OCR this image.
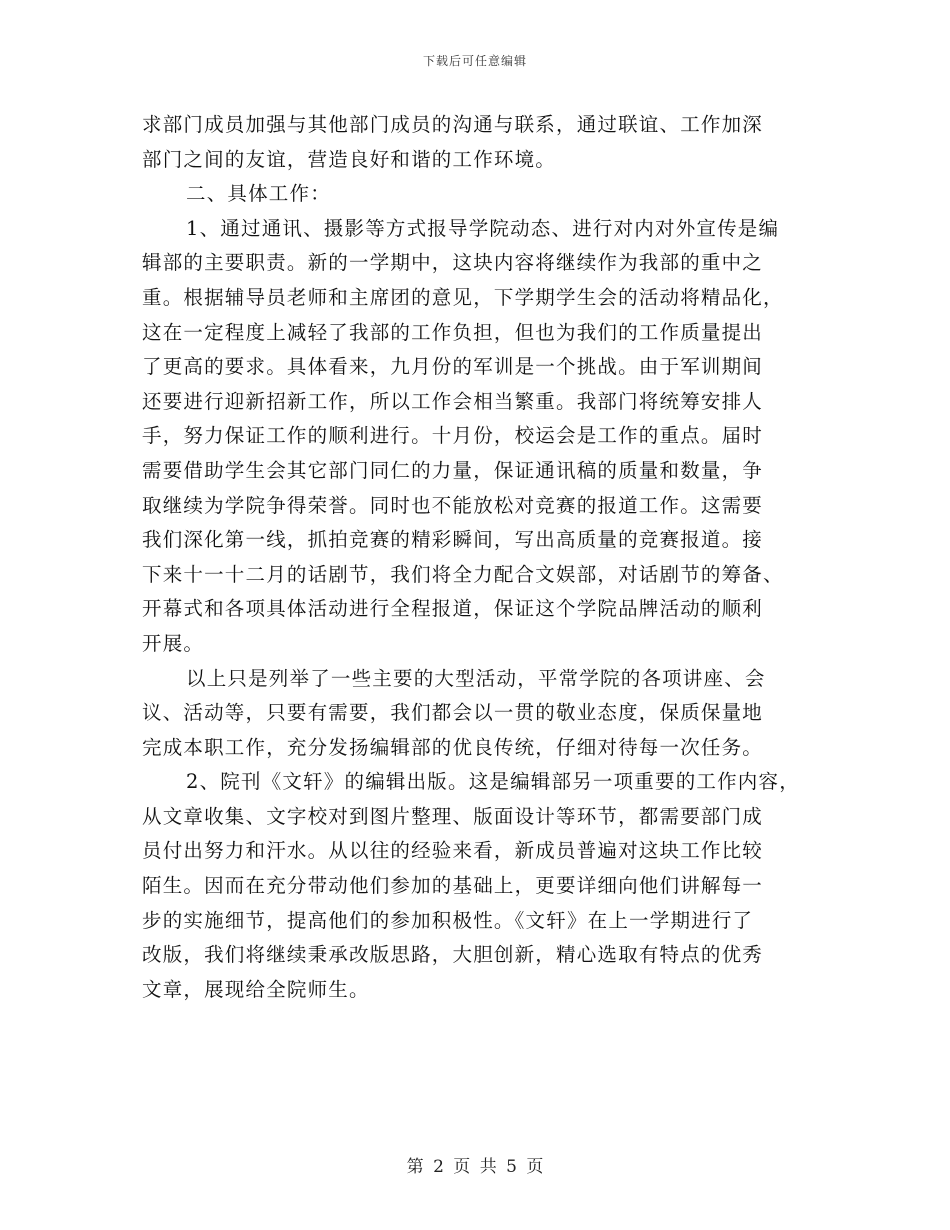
下载后可任意编辑
求部门成员加强与其他部门成员的沟通与联系，通过联谊、工作加深
部门之间的友谊，营造良好和谐的工作环境。
二、具体工作：
1、通过通讯、摄影等方式报导学院动态、进行对内对外宣传是编
辑部的主要职责。新的一学期中，这块内容将继续作为我部的重中之
重。根据辅导员老师和主席团的意见，下学期学生会的活动将精品化，
这在一定程度上减轻了我部的工作负担，但也为我们的工作质量提出
了更高的要求。具体看来，九月份的军训是一个挑战。由于军训期间
还要进行迎新招新工作，所以工作会相当繁重。我部门将统筹安排人
手，努力保证工作的顺利进行。十月份，校运会是工作的重点。届时
需要借助学生会其它部门同仁的力量，保证通讯稿的质量和数量，争
取继续为学院争得荣誉。同时也不能放松对竞赛的报道工作。这需要
我们深化第一线，抓拍竞赛的精彩瞬间，写出高质量的竞赛报道。接
下来十一十二月的话剧节，我们将全力配合文娱部，对话剧节的筹备、
开幕式和各项具体活动进行全程报道，保证这个学院品牌活动的顺利
开展。
以上只是列举了一些主要的大型活动，平常学院的各项讲座、会
议、活动等，只要有需要，我们都会以一贯的敬业态度，保质保量地
完成本职工作，充分发扬编辑部的优良传统，仔细对待每一次任务。
2、院刊《文轩》的编辑出版。这是编辑部另一项重要的工作内容，
从文章收集、文字校对到图片整理、版面设计等环节，都需要部门成
员付出努力和汗水。从以往的经验来看，新成员普遍对这块工作比较
陌生。因而在充分带动他们参加的基础上，更要详细向他们讲解每一
步的实施细节，提高他们的参加积极性。《文轩》在上一学期进行了
改版，我们将继续秉承改版思路，大胆创新，精心选取有特点的优秀
文章，展现给全院师生。
第 2 页 共 5 页
